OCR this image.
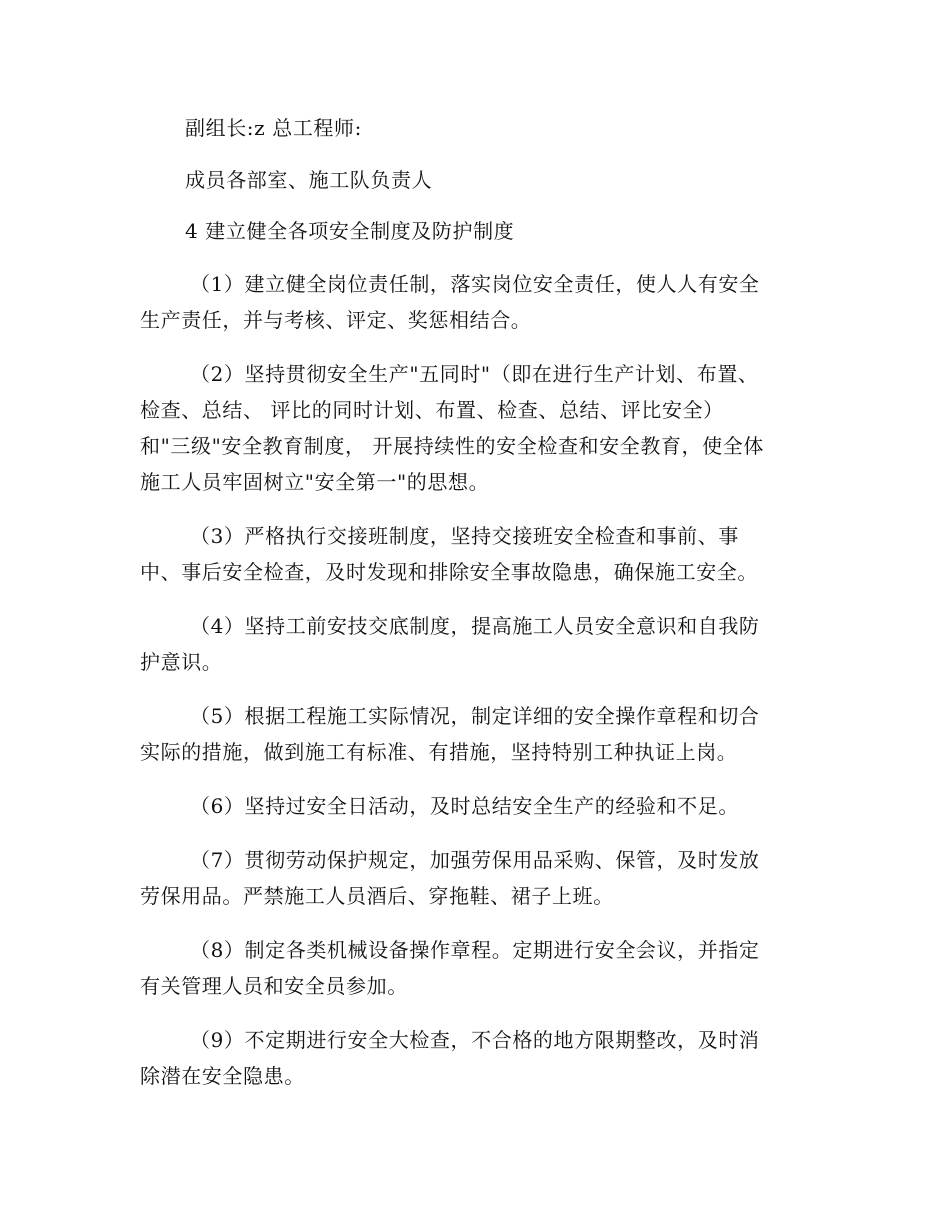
副组长:z 总工程师:

成员各部室、施工队负责人

4 建立健全各项安全制度及防护制度

（1）建立健全岗位责任制，落实岗位安全责任，使人人有安全
生产责任，并与考核、评定、奖惩相结合。

（2）坚持贯彻安全生产"五同时"（即在进行生产计划、布置、
检查、总结、 评比的同时计划、布置、检查、总结、评比安全）
和"三级"安全教育制度， 开展持续性的安全检查和安全教育，使全体
施工人员牢固树立"安全第一"的思想。

（3）严格执行交接班制度，坚持交接班安全检查和事前、事
中、事后安全检查，及时发现和排除安全事故隐患，确保施工安全。

（4）坚持工前安技交底制度，提高施工人员安全意识和自我防
护意识。

（5）根据工程施工实际情况，制定详细的安全操作章程和切合
实际的措施，做到施工有标准、有措施，坚持特别工种执证上岗。

（6）坚持过安全日活动，及时总结安全生产的经验和不足。

（7）贯彻劳动保护规定，加强劳保用品采购、保管，及时发放
劳保用品。严禁施工人员酒后、穿拖鞋、裙子上班。

（8）制定各类机械设备操作章程。定期进行安全会议，并指定
有关管理人员和安全员参加。

（9）不定期进行安全大检查，不合格的地方限期整改，及时消
除潜在安全隐患。
